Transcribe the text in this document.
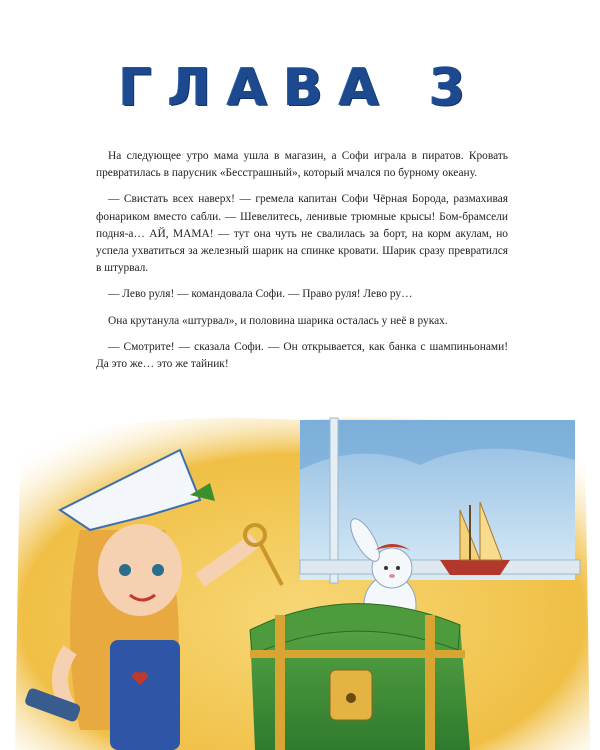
ГЛАВА 3

На следующее утро мама ушла в магазин, а Софи играла в пиратов. Кровать превратилась в парусник «Бесстрашный», который мчался по бурному океану.

— Свистать всех наверх! — гремела капитан Софи Чёрная Борода, размахивая фонариком вместо сабли. — Шевелитесь, ленивые трюмные крысы! Бом-брамсели подня-а… АЙ, МАМА! — тут она чуть не свалилась за борт, на корм акулам, но успела ухватиться за железный шарик на спинке кровати. Шарик сразу превратился в штурвал.

— Лево руля! — командовала Софи. — Право руля! Лево ру…

Она крутанула «штурвал», и половина шарика осталась у неё в руках.

— Смотрите! — сказала Софи. — Он открывается, как банка с шампиньонами! Да это же… это же тайник!
